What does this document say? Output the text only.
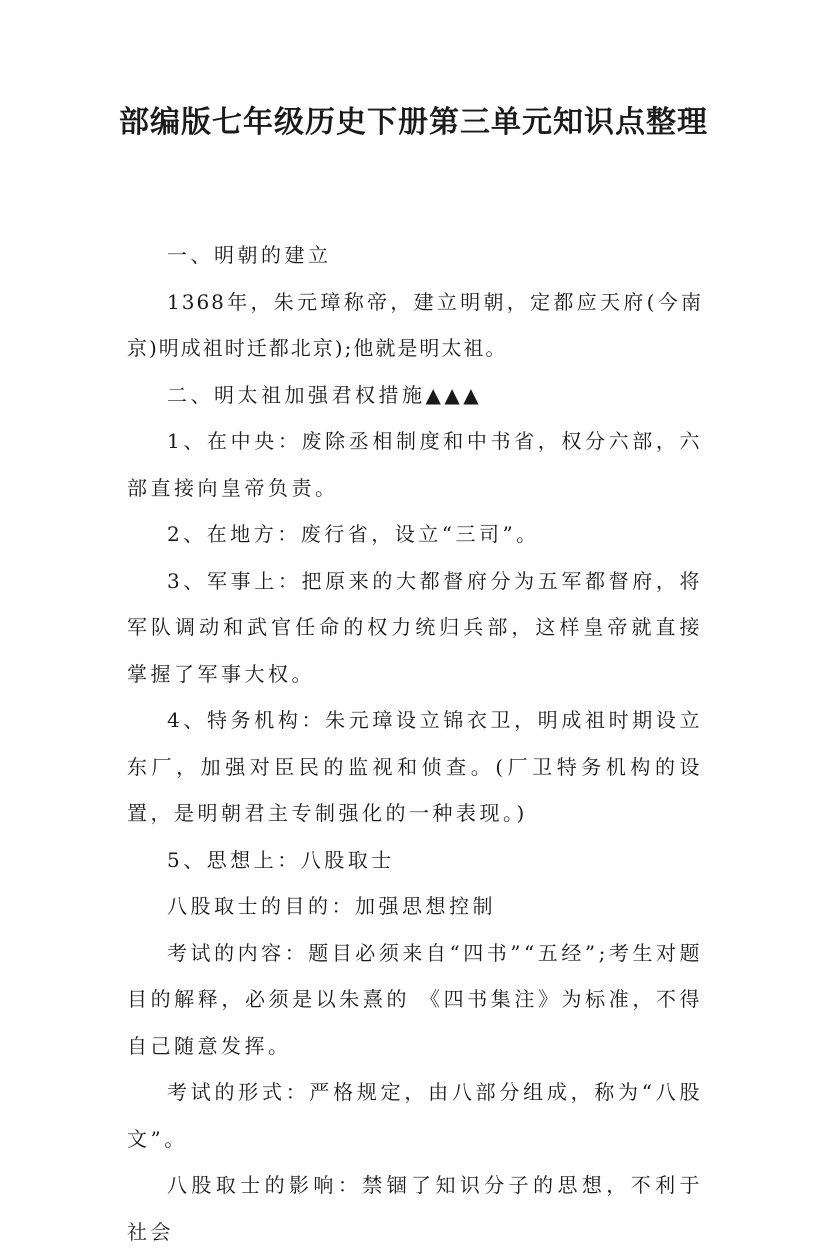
部编版七年级历史下册第三单元知识点整理

一、明朝的建立

1368年，朱元璋称帝，建立明朝，定都应天府(今南京)明成祖时迁都北京);他就是明太祖。

二、明太祖加强君权措施▲▲▲

1、在中央：废除丞相制度和中书省，权分六部，六部直接向皇帝负责。

2、在地方：废行省，设立“三司”。

3、军事上：把原来的大都督府分为五军都督府，将军队调动和武官任命的权力统归兵部，这样皇帝就直接掌握了军事大权。

4、特务机构：朱元璋设立锦衣卫，明成祖时期设立东厂，加强对臣民的监视和侦查。(厂卫特务机构的设置，是明朝君主专制强化的一种表现。)

5、思想上：八股取士

八股取士的目的：加强思想控制

考试的内容：题目必须来自“四书”“五经”;考生对题目的解释，必须是以朱熹的 《四书集注》为标准，不得自己随意发挥。

考试的形式：严格规定，由八部分组成，称为“八股文”。

八股取士的影响：禁锢了知识分子的思想，不利于社会
